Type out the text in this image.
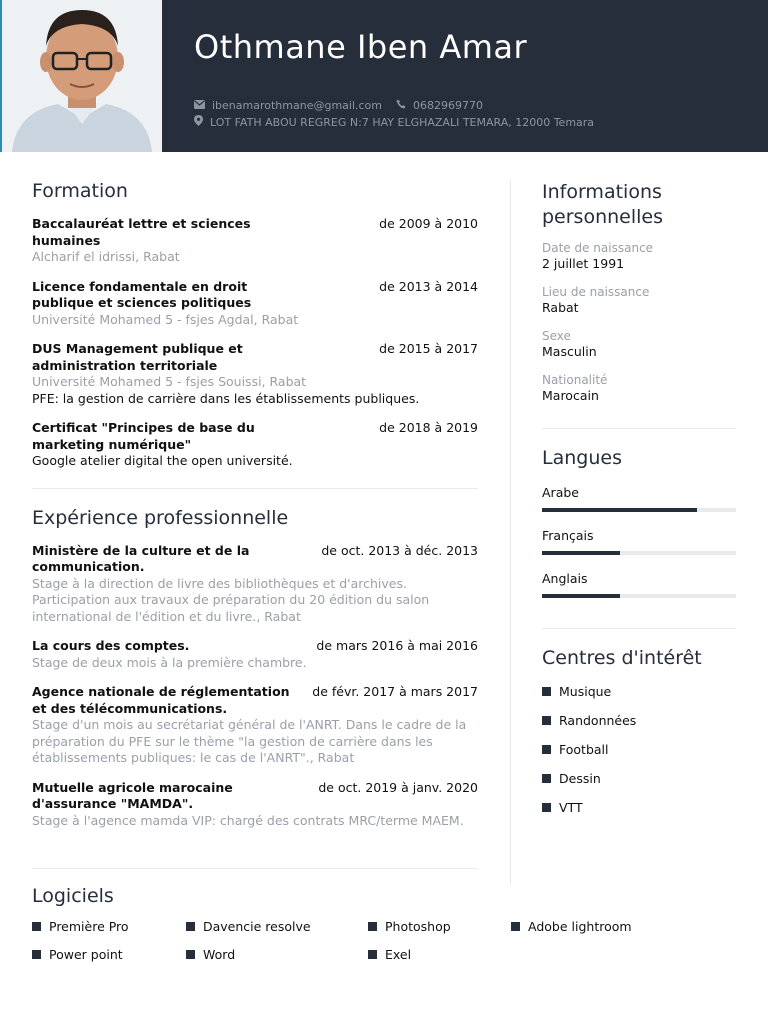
Othmane Iben Amar
ibenamarothmane@gmail.com	0682969770
LOT FATH ABOU REGREG N:7 HAY ELGHAZALI TEMARA, 12000 Temara
Formation
Baccalauréat lettre et sciences humaines
de 2009 à 2010
Alcharif el idrissi, Rabat
Licence fondamentale en droit publique et sciences politiques
de 2013 à 2014
Université Mohamed 5 - fsjes Agdal, Rabat
DUS Management publique et administration territoriale
de 2015 à 2017
Université Mohamed 5 - fsjes Souissi, Rabat
PFE: la gestion de carrière dans les établissements publiques.
Certificat "Principes de base du marketing numérique"
de 2018 à 2019
Google atelier digital the open université.
Expérience professionnelle
Ministère de la culture et de la communication.
de oct. 2013 à déc. 2013
Stage à la direction de livre des bibliothèques et d'archives. Participation aux travaux de préparation du 20 édition du salon international de l'édition et du livre., Rabat
La cours des comptes.	de mars 2016 à mai 2016
Stage de deux mois à la première chambre.
Agence nationale de réglementation et des télécommunications.
de févr. 2017 à mars 2017
Stage d'un mois au secrétariat général de l'ANRT. Dans le cadre de la préparation du PFE sur le thème "la gestion de carrière dans les établissements publiques: le cas de l'ANRT"., Rabat
Mutuelle agricole marocaine d'assurance "MAMDA".
de oct. 2019 à janv. 2020
Stage à l'agence mamda VIP: chargé des contrats MRC/terme MAEM.
Informations personnelles
Date de naissance
2 juillet 1991
Lieu de naissance
Rabat
Sexe
Masculin
Nationalité
Marocain
Langues
Arabe
Français
Anglais
Centres d'intérêt
Musique
Randonnées
Football
Dessin
VTT
Logiciels
Première Pro	Davencie resolve	Photoshop	Adobe lightroom
Power point	Word	Exel
